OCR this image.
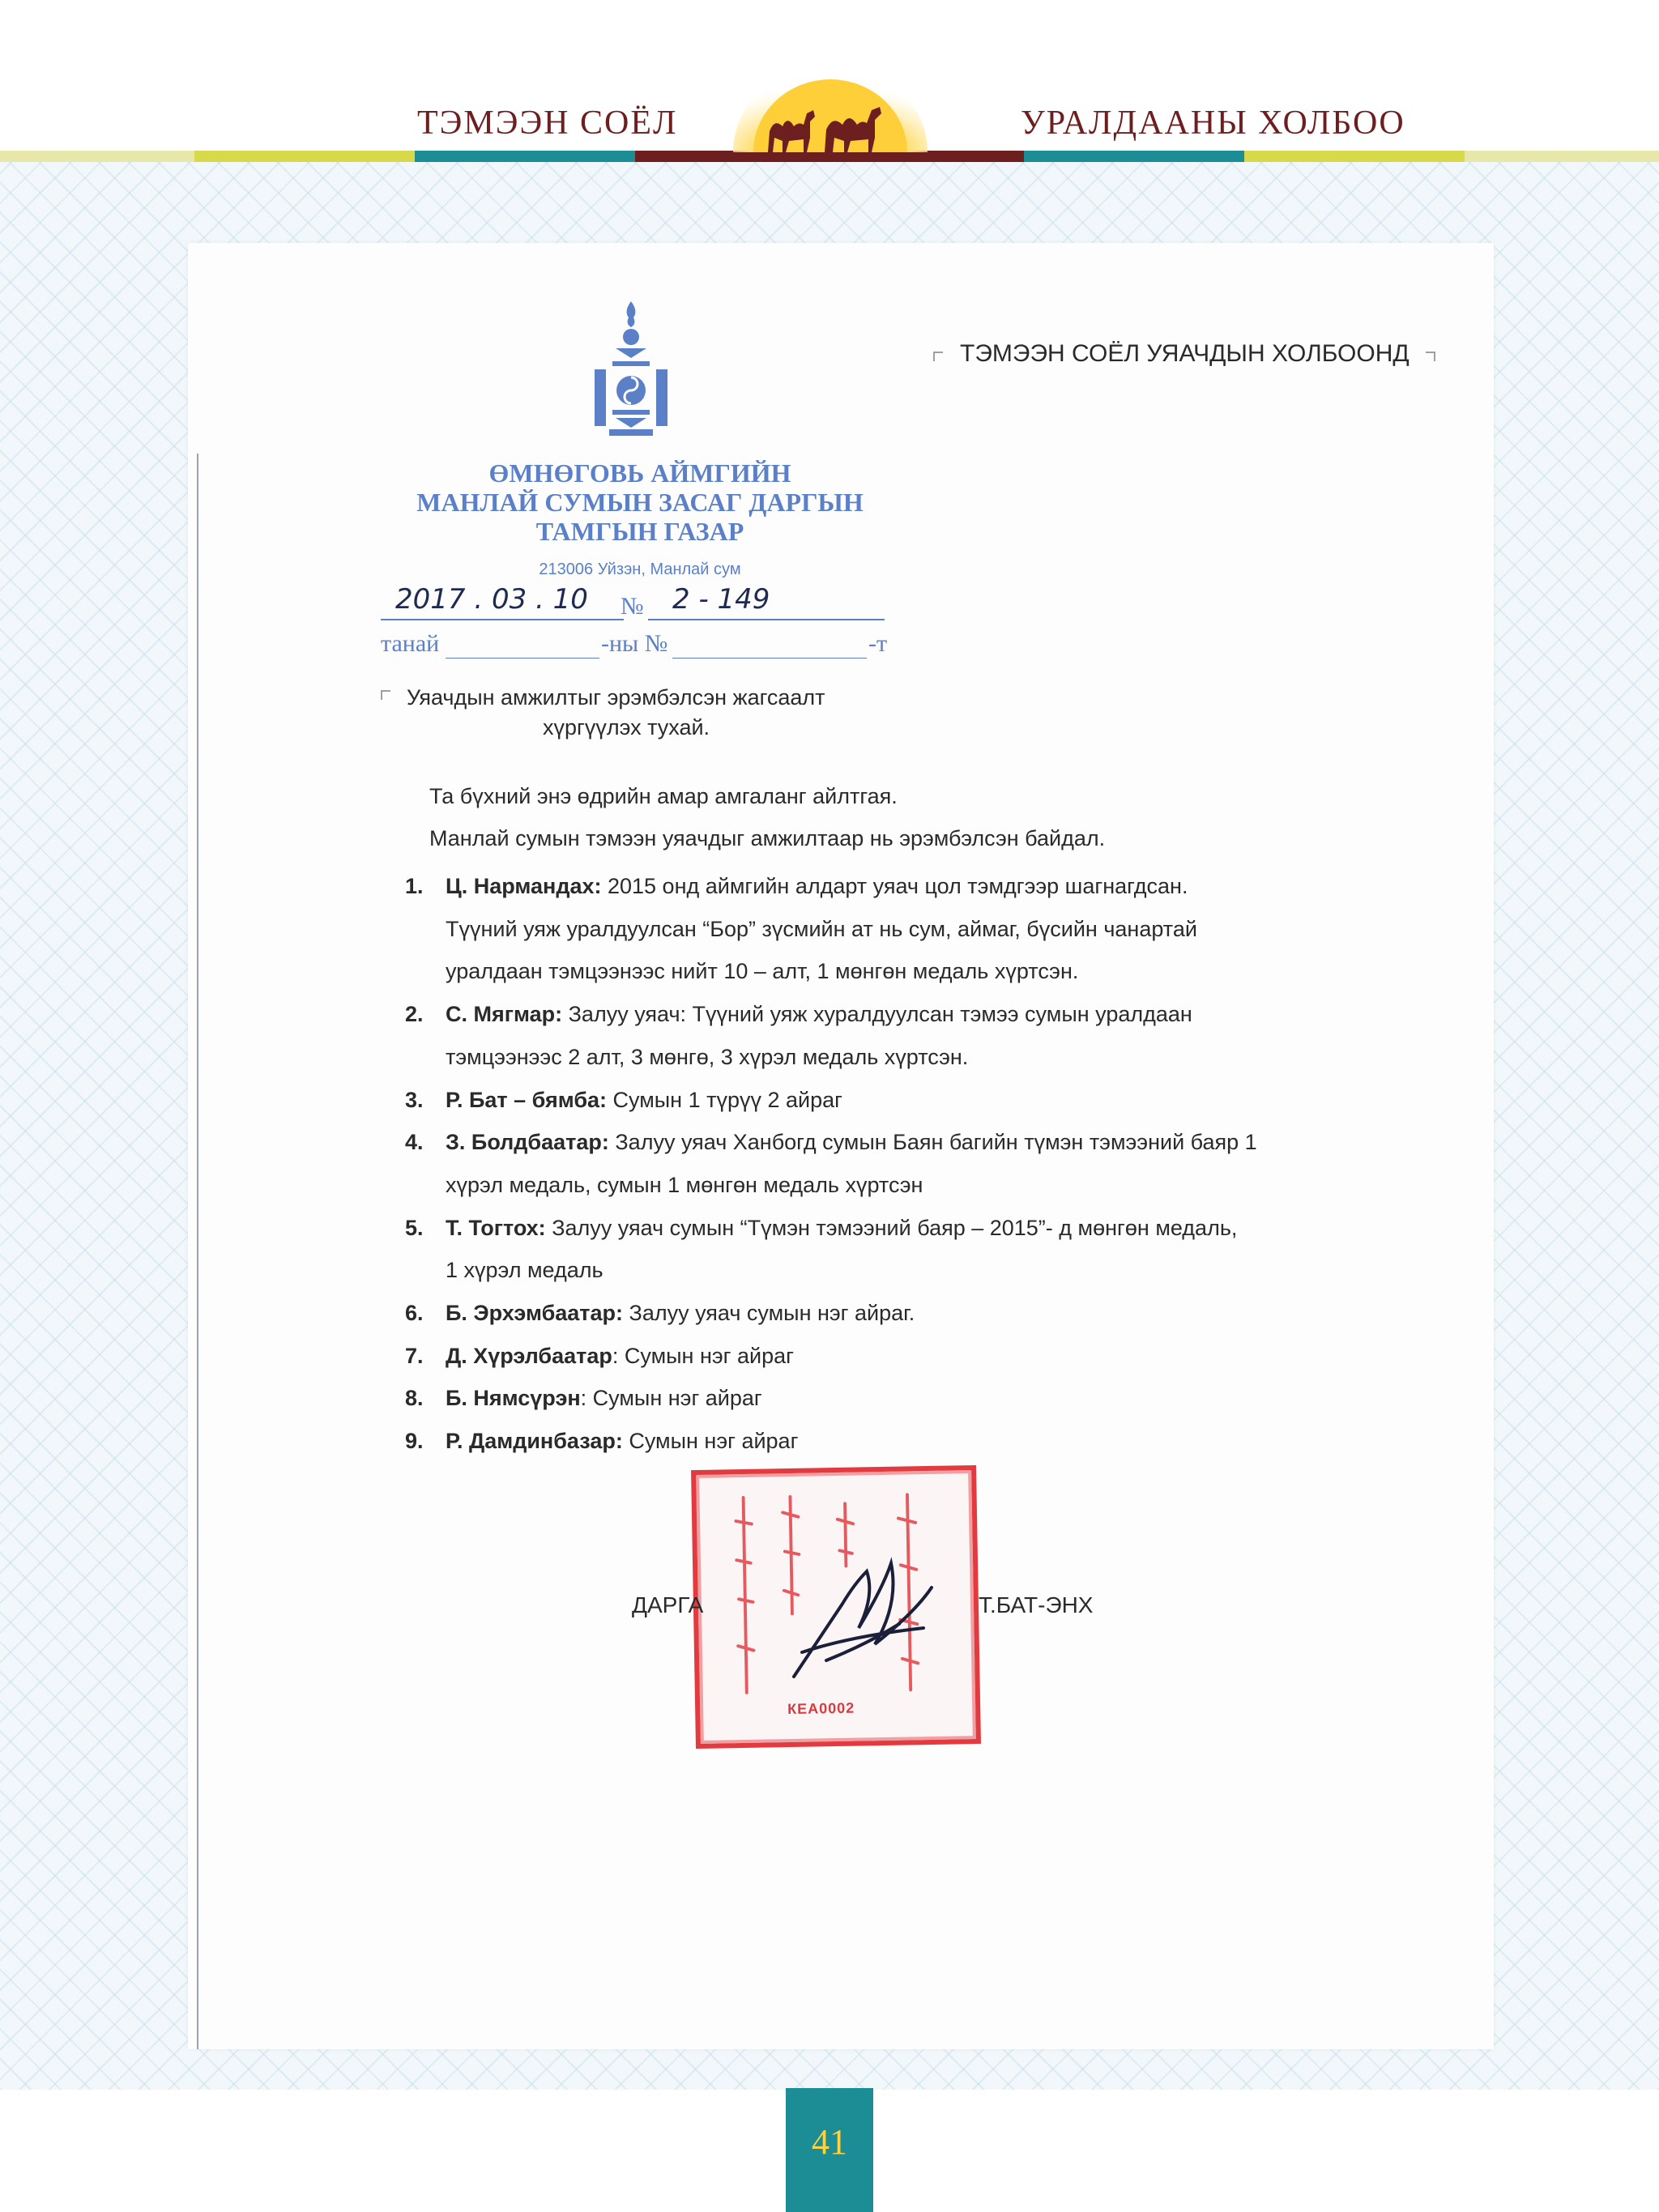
ТЭМЭЭН СОЁЛ	УРАЛДААНЫ ХОЛБОО
ӨМНӨГОВЬ АЙМГИЙН
МАНЛАЙ СУМЫН ЗАСАГ ДАРГЫН
ТАМГЫН ГАЗАР
213006 Уйзэн, Манлай сум
2017 . 03 . 10 № 2 - 149
танай	-ны №	-т
ТЭМЭЭН СОЁЛ УЯАЧДЫН ХОЛБООНД
Уяачдын амжилтыг эрэмбэлсэн жагсаалт
хүргүүлэх тухай.
Та бүхний энэ өдрийн амар амгаланг айлтгая.
Манлай сумын тэмээн уяачдыг амжилтаар нь эрэмбэлсэн байдал.
1.	Ц. Нармандах: 2015 онд аймгийн алдарт уяач цол тэмдгээр шагнагдсан.
Түүний уяж уралдуулсан “Бор” зүсмийн ат нь сум, аймаг, бүсийн чанартай
уралдаан тэмцээнээс нийт 10 – алт, 1 мөнгөн медаль хүртсэн.
2.	С. Мягмар: Залуу уяач: Түүний уяж хуралдуулсан тэмээ сумын уралдаан
тэмцээнээс 2 алт, 3 мөнгө, 3 хүрэл медаль хүртсэн.
3.	Р. Бат – бямба: Сумын 1 түрүү 2 айраг
4.	З. Болдбаатар: Залуу уяач Ханбогд сумын Баян багийн түмэн тэмээний баяр 1
хүрэл медаль, сумын 1 мөнгөн медаль хүртсэн
5.	Т. Тогтох: Залуу уяач сумын “Түмэн тэмээний баяр – 2015”- д мөнгөн медаль,
1 хүрэл медаль
6.	Б. Эрхэмбаатар: Залуу уяач сумын нэг айраг.
7.	Д. Хүрэлбаатар: Сумын нэг айраг
8.	Б. Нямсүрэн: Сумын нэг айраг
9.	Р. Дамдинбазар: Сумын нэг айраг
КЕА0002
ДАРГА	Т.БАТ-ЭНХ
41
